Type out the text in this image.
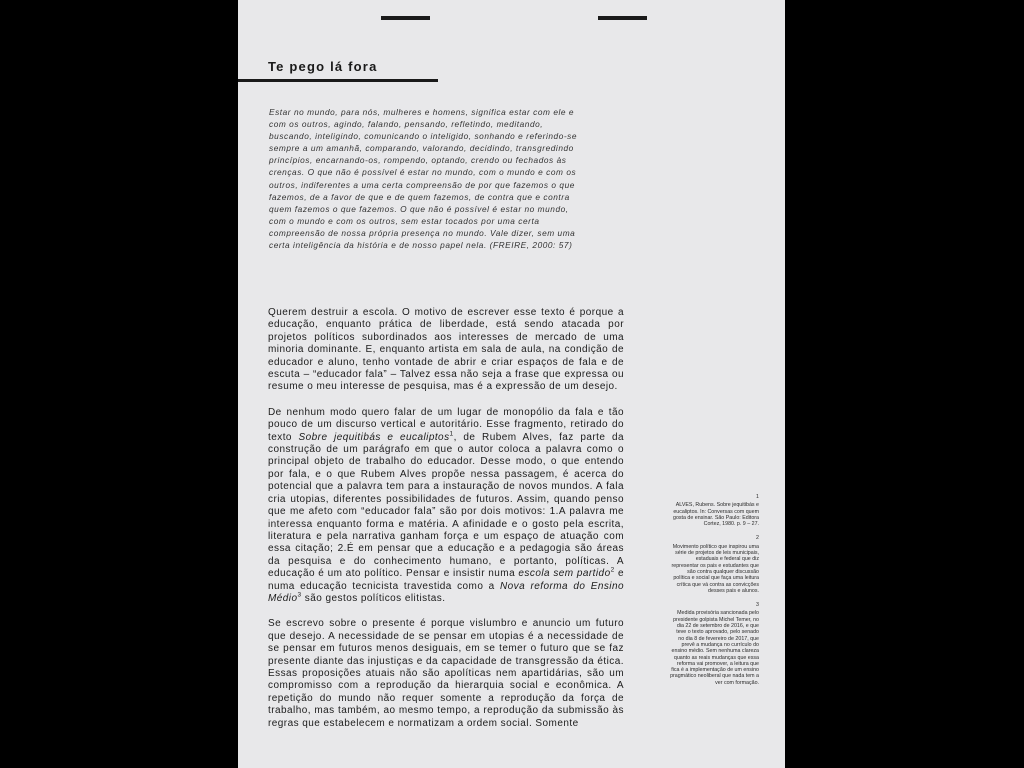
Te pego lá fora

Estar no mundo, para nós, mulheres e homens, significa estar com ele e com os outros, agindo, falando, pensando, refletindo, meditando, buscando, inteligindo, comunicando o inteligido, sonhando e referindo-se sempre a um amanhã, comparando, valorando, decidindo, transgredindo princípios, encarnando-os, rompendo, optando, crendo ou fechados às crenças. O que não é possível é estar no mundo, com o mundo e com os outros, indiferentes a uma certa compreensão de por que fazemos o que fazemos, de a favor de que e de quem fazemos, de contra que e contra quem fazemos o que fazemos. O que não é possível é estar no mundo, com o mundo e com os outros, sem estar tocados por uma certa compreensão de nossa própria presença no mundo. Vale dizer, sem uma certa inteligência da história e de nosso papel nela. (FREIRE, 2000: 57)

Querem destruir a escola. O motivo de escrever esse texto é porque a educação, enquanto prática de liberdade, está sendo atacada por projetos políticos subordinados aos interesses de mercado de uma minoria dominante. E, enquanto artista em sala de aula, na condição de educador e aluno, tenho vontade de abrir e criar espaços de fala e de escuta – “educador fala” – Talvez essa não seja a frase que expressa ou resume o meu interesse de pesquisa, mas é a expressão de um desejo.

De nenhum modo quero falar de um lugar de monopólio da fala e tão pouco de um discurso vertical e autoritário. Esse fragmento, retirado do texto Sobre jequitibás e eucaliptos$^1$, de Rubem Alves, faz parte da construção de um parágrafo em que o autor coloca a palavra como o principal objeto de trabalho do educador. Desse modo, o que entendo por fala, e o que Rubem Alves propõe nessa passagem, é acerca do potencial que a palavra tem para a instauração de novos mundos. A fala cria utopias, diferentes possibilidades de futuros. Assim, quando penso que me afeto com “educador fala” são por dois motivos: 1.A palavra me interessa enquanto forma e matéria. A afinidade e o gosto pela escrita, literatura e pela narrativa ganham força e um espaço de atuação com essa citação; 2.É em pensar que a educação e a pedagogia são áreas da pesquisa e do conhecimento humano, e portanto, políticas. A educação é um ato político. Pensar e insistir numa escola sem partido$^2$ e numa educação tecnicista travestida como a Nova reforma do Ensino Médio$^3$ são gestos políticos elitistas.

Se escrevo sobre o presente é porque vislumbro e anuncio um futuro que desejo. A necessidade de se pensar em utopias é a necessidade de se pensar em futuros menos desiguais, em se temer o futuro que se faz presente diante das injustiças e da capacidade de transgressão da ética. Essas proposições atuais não são apolíticas nem apartidárias, são um compromisso com a reprodução da hierarquia social e econômica. A repetição do mundo não requer somente a reprodução da força de trabalho, mas também, ao mesmo tempo, a reprodução da submissão às regras que estabelecem e normatizam a ordem social. Somente

1
ALVES, Rubens. Sobre jequitibás e eucaliptos. In: Conversas com quem gosta de ensinar. São Paulo: Editora Cortez, 1980. p. 9 – 27.
2
Movimento político que inspirou uma série de projetos de leis municipais, estaduais e federal que diz representar os pais e estudantes que são contra qualquer discussão política e social que faça uma leitura crítica que vá contra as convicções desses pais e alunos.
3
Medida provisória sancionada pelo presidente golpista Michel Temer, no dia 22 de setembro de 2016, e que teve o texto aprovado, pelo senado no dia 8 de fevereiro de 2017, que prevê a mudança no currículo do ensino médio. Sem nenhuma clareza quanto as reais mudanças que essa reforma vai promover, a leitura que fica é a implementação de um ensino pragmático neoliberal que nada tem a ver com formação.
